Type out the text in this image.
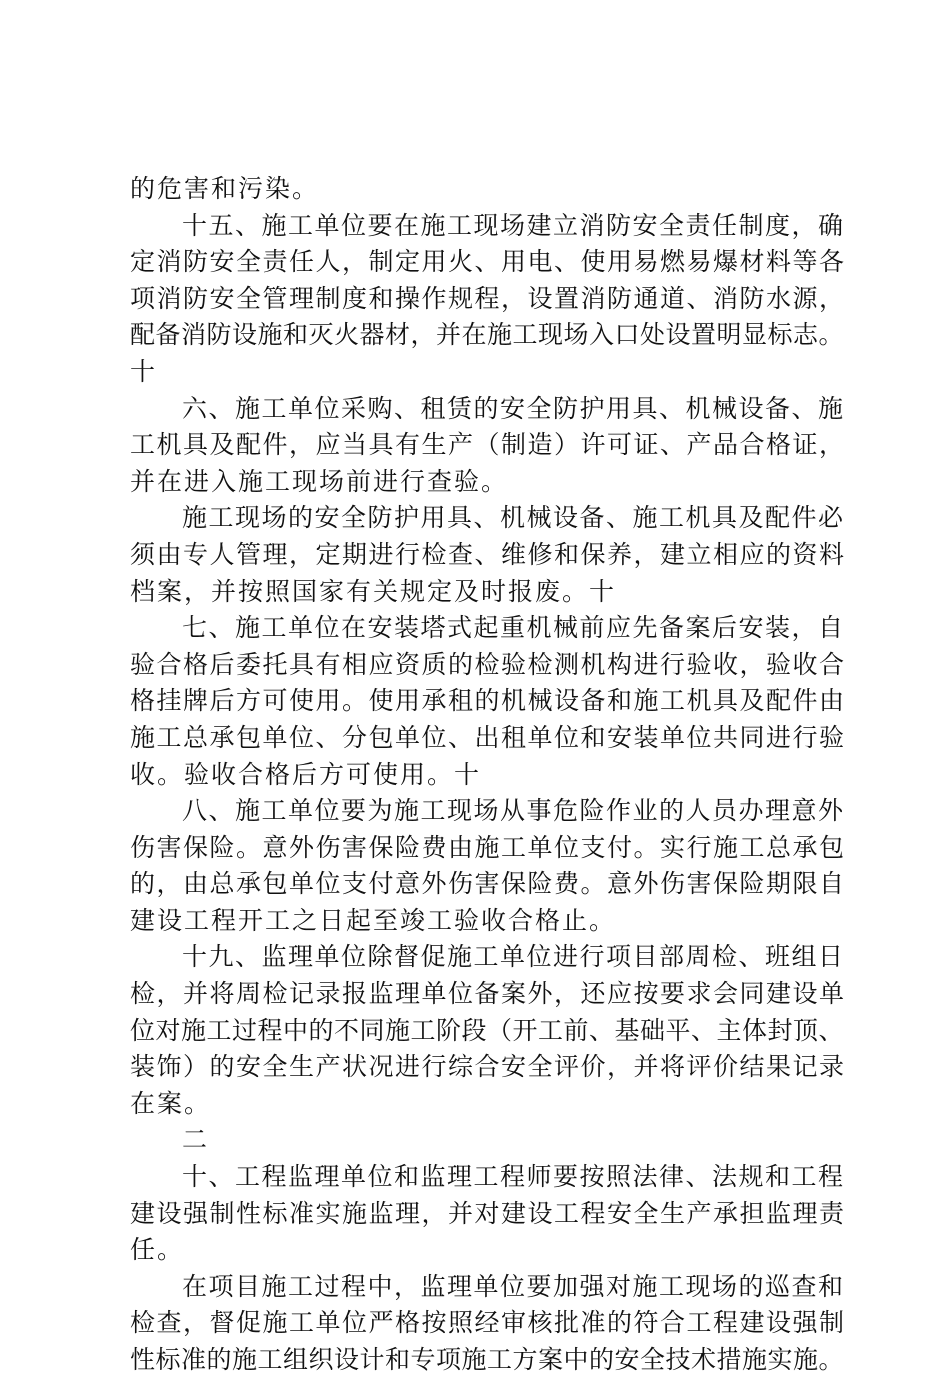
的危害和污染。
十五、施工单位要在施工现场建立消防安全责任制度，确
定消防安全责任人，制定用火、用电、使用易燃易爆材料等各
项消防安全管理制度和操作规程，设置消防通道、消防水源，
配备消防设施和灭火器材，并在施工现场入口处设置明显标志。
十
六、施工单位采购、租赁的安全防护用具、机械设备、施
工机具及配件，应当具有生产（制造）许可证、产品合格证，
并在进入施工现场前进行查验。
施工现场的安全防护用具、机械设备、施工机具及配件必
须由专人管理，定期进行检查、维修和保养，建立相应的资料
档案，并按照国家有关规定及时报废。十
七、施工单位在安装塔式起重机械前应先备案后安装，自
验合格后委托具有相应资质的检验检测机构进行验收，验收合
格挂牌后方可使用。使用承租的机械设备和施工机具及配件由
施工总承包单位、分包单位、出租单位和安装单位共同进行验
收。验收合格后方可使用。十
八、施工单位要为施工现场从事危险作业的人员办理意外
伤害保险。意外伤害保险费由施工单位支付。实行施工总承包
的，由总承包单位支付意外伤害保险费。意外伤害保险期限自
建设工程开工之日起至竣工验收合格止。
十九、监理单位除督促施工单位进行项目部周检、班组日
检，并将周检记录报监理单位备案外，还应按要求会同建设单
位对施工过程中的不同施工阶段（开工前、基础平、主体封顶、
装饰）的安全生产状况进行综合安全评价，并将评价结果记录
在案。
二
十、工程监理单位和监理工程师要按照法律、法规和工程
建设强制性标准实施监理，并对建设工程安全生产承担监理责
任。
在项目施工过程中，监理单位要加强对施工现场的巡查和
检查，督促施工单位严格按照经审核批准的符合工程建设强制
性标准的施工组织设计和专项施工方案中的安全技术措施实施。
